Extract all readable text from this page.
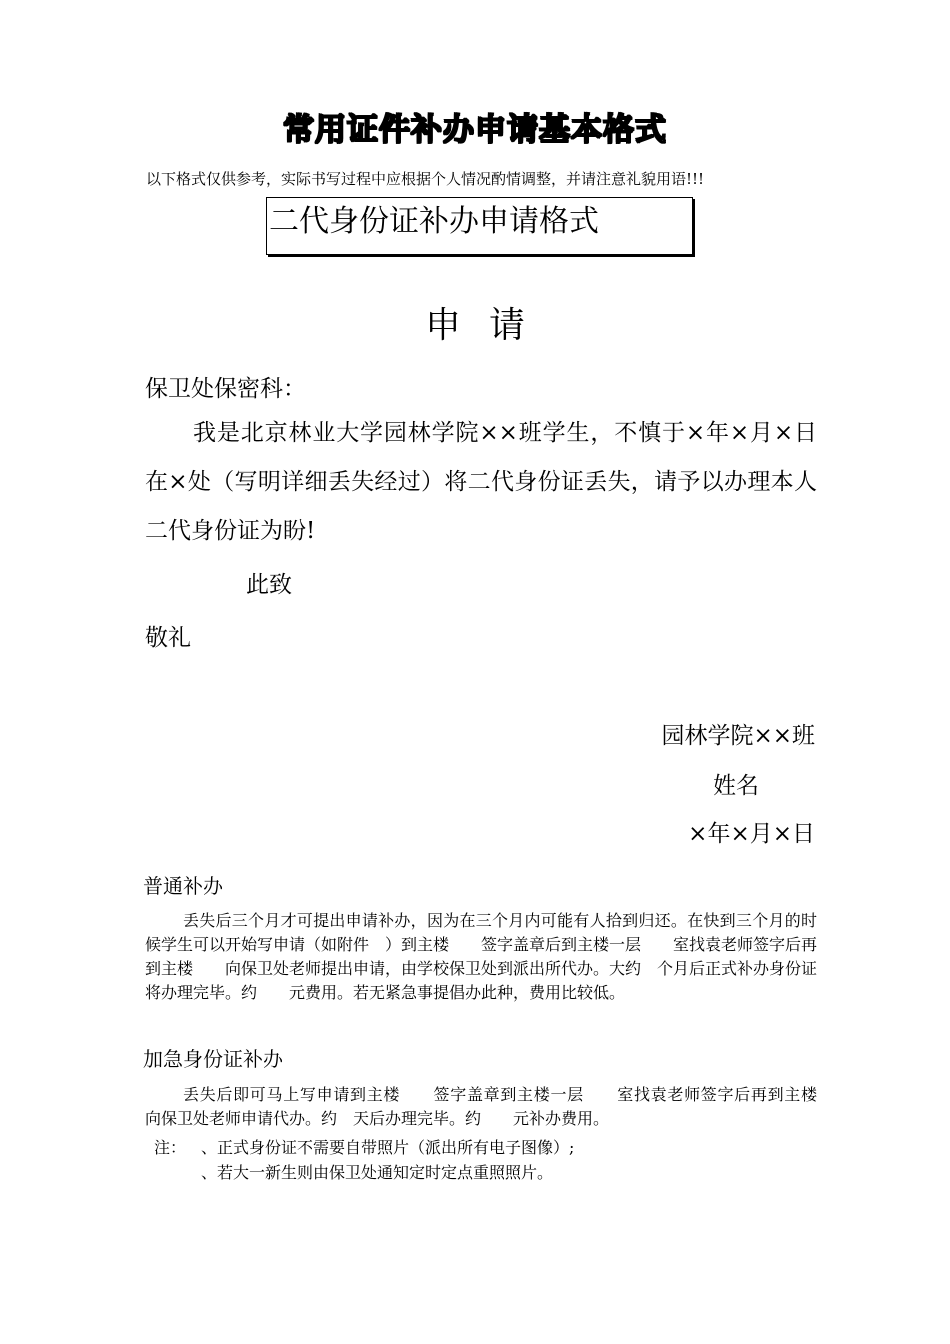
常用证件补办申请基本格式
以下格式仅供参考，实际书写过程中应根据个人情况酌情调整，并请注意礼貌用语!!!
二代身份证补办申请格式
申请
保卫处保密科：
我是北京林业大学园林学院××班学生，不慎于×年×月×日在×处（写明详细丢失经过）将二代身份证丢失，请予以办理本人二代身份证为盼!
此致
敬礼
园林学院××班
姓名
×年×月×日
普通补办
丢失后三个月才可提出申请补办，因为在三个月内可能有人拾到归还。在快到三个月的时候学生可以开始写申请（如附件　）到主楼　　签字盖章后到主楼一层　　室找袁老师签字后再到主楼　　向保卫处老师提出申请，由学校保卫处到派出所代办。大约　个月后正式补办身份证将办理完毕。约　　元费用。若无紧急事提倡办此种，费用比较低。
加急身份证补办
丢失后即可马上写申请到主楼　　签字盖章到主楼一层　　室找袁老师签字后再到主楼　　向保卫处老师申请代办。约　天后办理完毕。约　　元补办费用。
注： 、正式身份证不需要自带照片（派出所有电子图像）;
、若大一新生则由保卫处通知定时定点重照照片。
